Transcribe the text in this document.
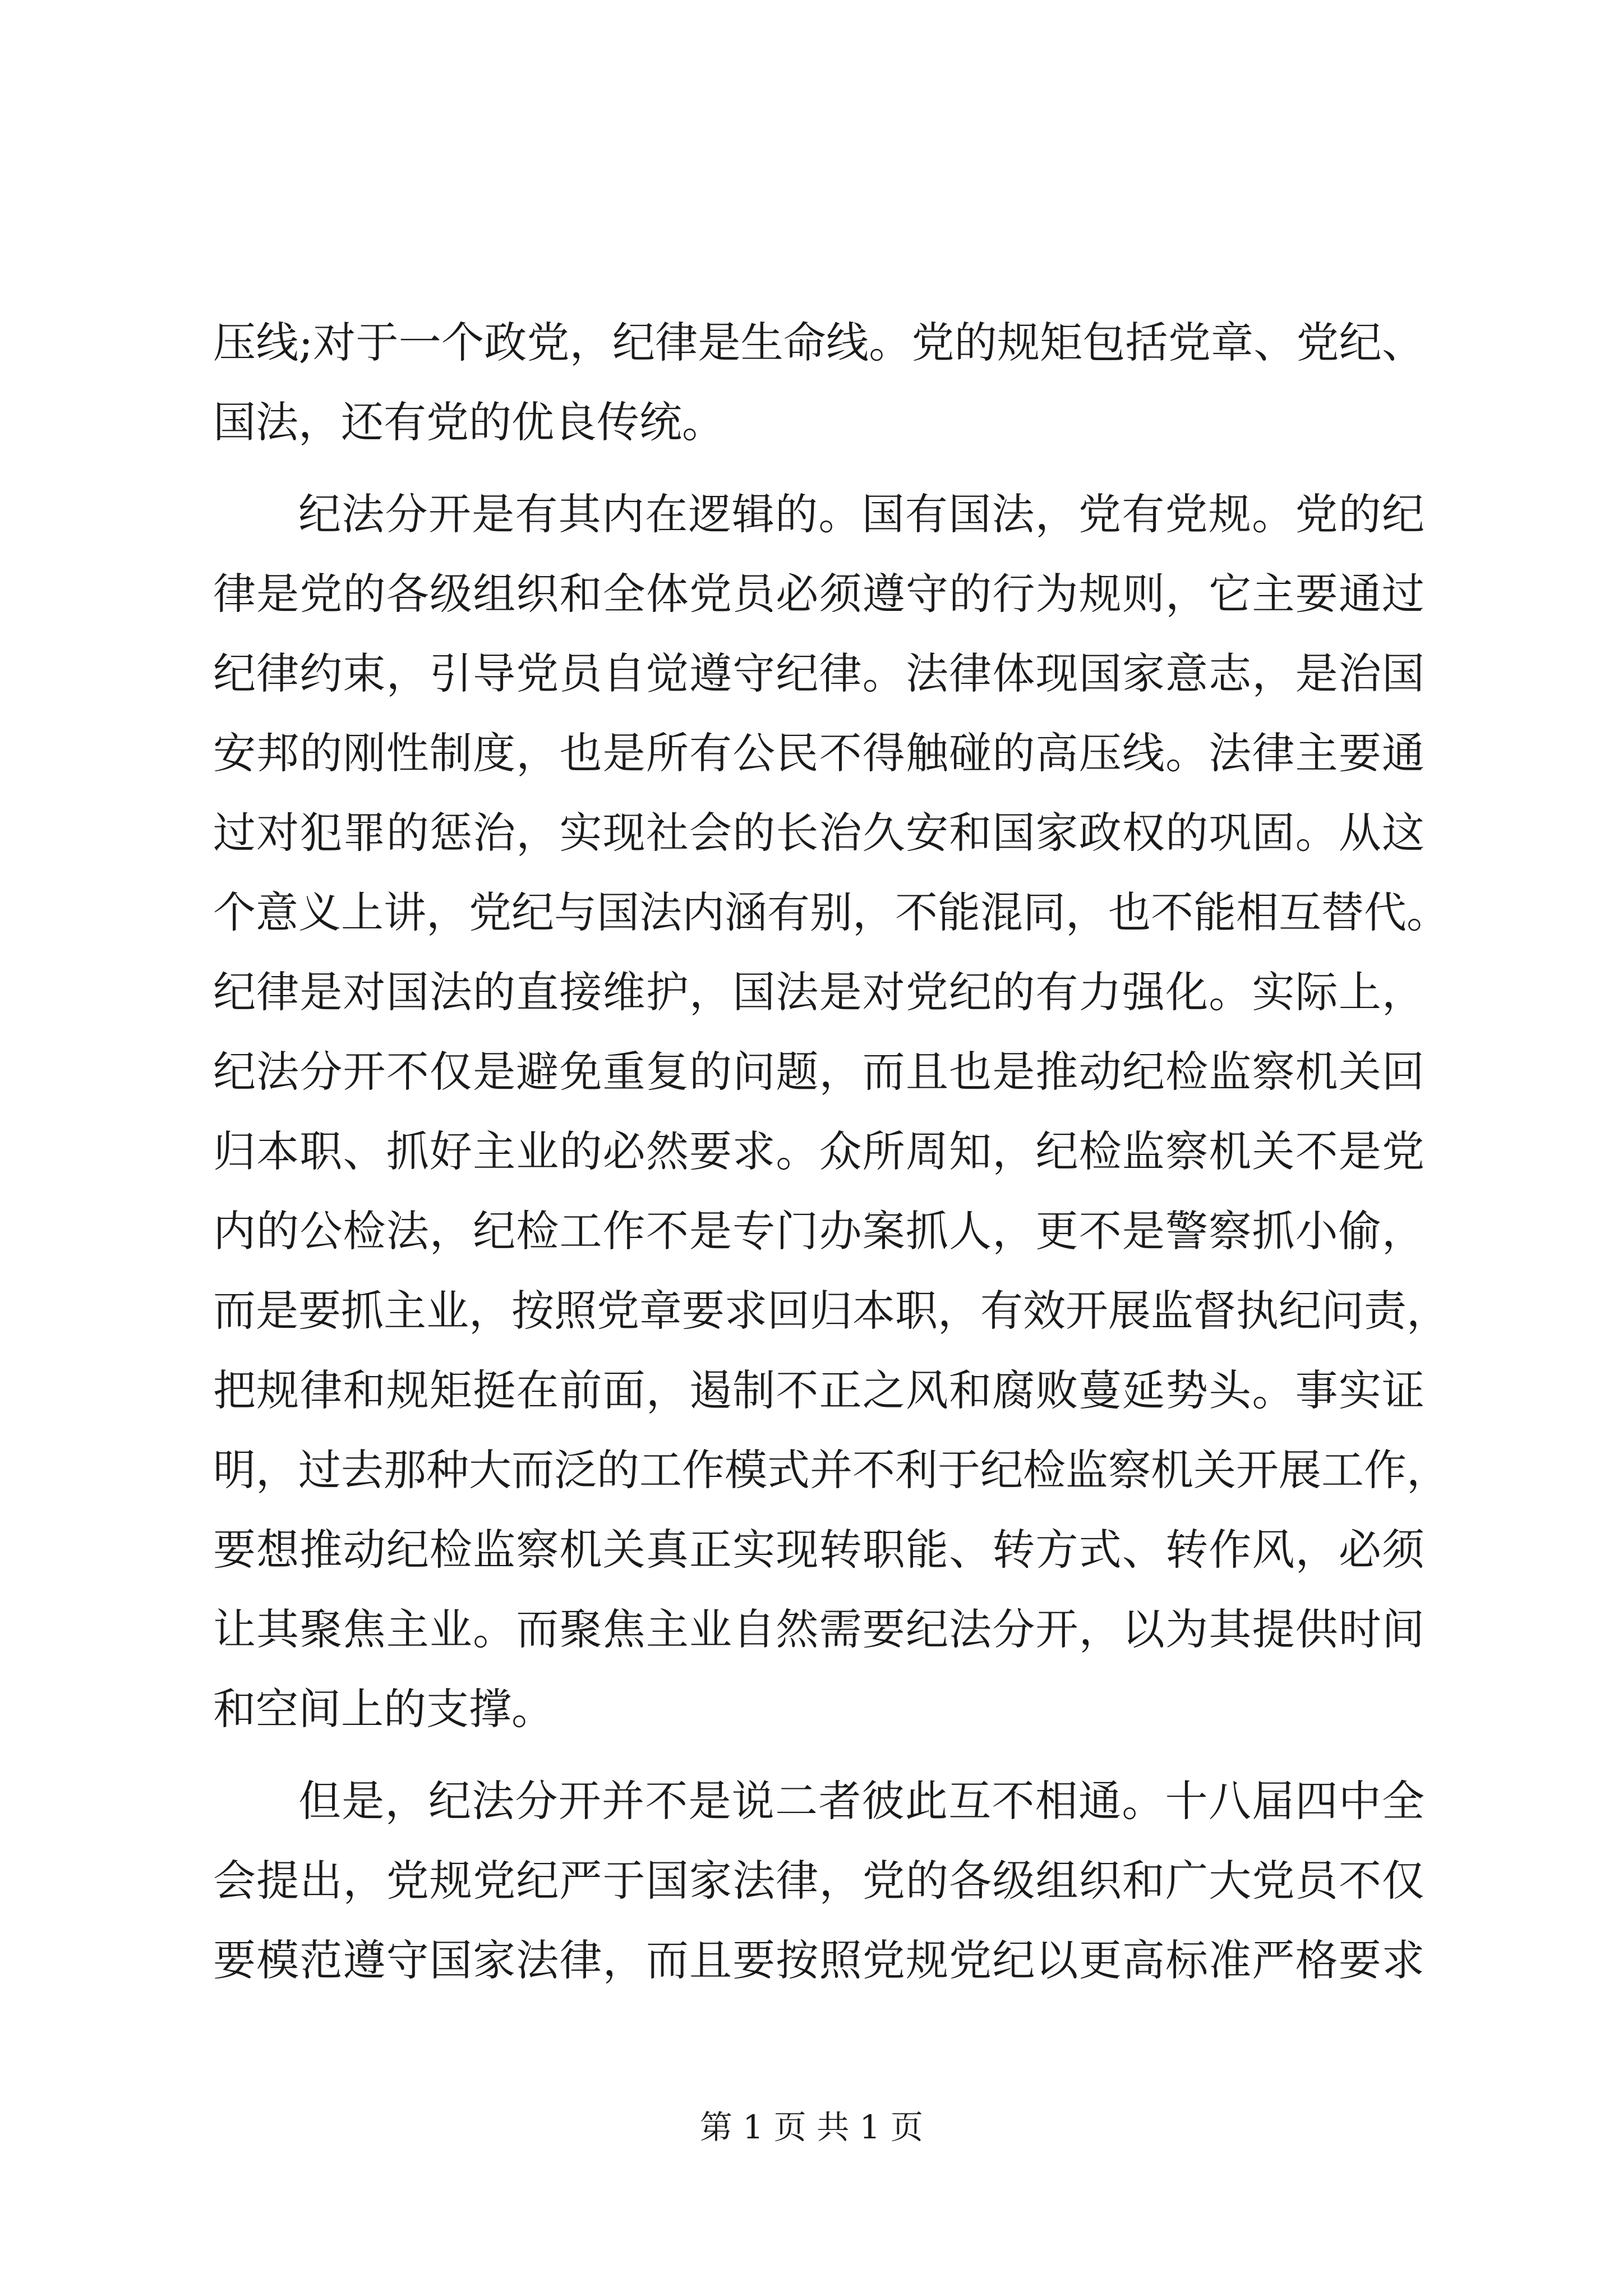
压线;对于一个政党，纪律是生命线。党的规矩包括党章、党纪、
国法，还有党的优良传统。
纪法分开是有其内在逻辑的。国有国法，党有党规。党的纪
律是党的各级组织和全体党员必须遵守的行为规则，它主要通过
纪律约束，引导党员自觉遵守纪律。法律体现国家意志，是治国
安邦的刚性制度，也是所有公民不得触碰的高压线。法律主要通
过对犯罪的惩治，实现社会的长治久安和国家政权的巩固。从这
个意义上讲，党纪与国法内涵有别，不能混同，也不能相互替代。
纪律是对国法的直接维护，国法是对党纪的有力强化。实际上，
纪法分开不仅是避免重复的问题，而且也是推动纪检监察机关回
归本职、抓好主业的必然要求。众所周知，纪检监察机关不是党
内的公检法，纪检工作不是专门办案抓人，更不是警察抓小偷，
而是要抓主业，按照党章要求回归本职，有效开展监督执纪问责，
把规律和规矩挺在前面，遏制不正之风和腐败蔓延势头。事实证
明，过去那种大而泛的工作模式并不利于纪检监察机关开展工作，
要想推动纪检监察机关真正实现转职能、转方式、转作风，必须
让其聚焦主业。而聚焦主业自然需要纪法分开，以为其提供时间
和空间上的支撑。
但是，纪法分开并不是说二者彼此互不相通。十八届四中全
会提出，党规党纪严于国家法律，党的各级组织和广大党员不仅
要模范遵守国家法律，而且要按照党规党纪以更高标准严格要求
第 1 页 共 1 页
